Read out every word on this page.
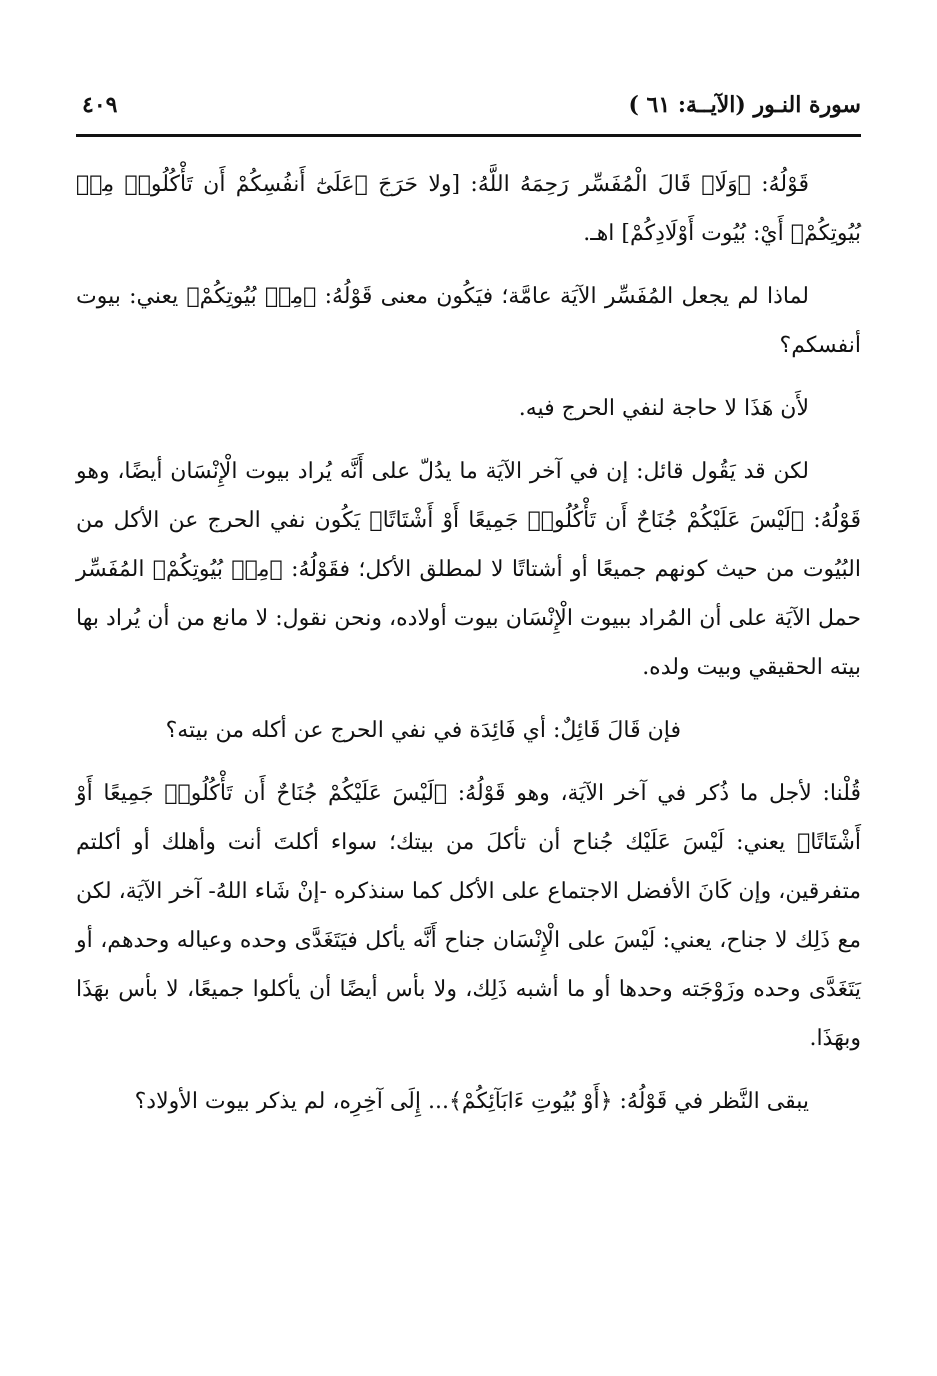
سورة النـور (الآيــة: ٦١ )
٤٠٩

قَوْلُهُ: ﴿وَلَا﴾ قَالَ الْمُفَسِّر رَحِمَهُ اللَّهُ: [ولا حَرَجَ ﴿عَلَىٰٓ أَنفُسِكُمْ أَن تَأْكُلُوا۟ مِنۢ بُيُوتِكُمْ﴾ أَيْ: بُيُوت أَوْلَادِكُمْ] اهـ.

لماذا لم يجعل المُفَسِّر الآيَة عامَّة؛ فيَكُون معنى قَوْلُهُ: ﴿مِنۢ بُيُوتِكُمْ﴾ يعني: بيوت أنفسكم؟

لأَن هَذَا لا حاجة لنفي الحرج فيه.

لكن قد يَقُول قائل: إن في آخر الآيَة ما يدُلّ على أَنَّه يُراد بيوت الْإِنْسَان أيضًا، وهو قَوْلُهُ: ﴿لَيْسَ عَلَيْكُمْ جُنَاحٌ أَن تَأْكُلُوا۟ جَمِيعًا أَوْ أَشْتَاتًا﴾ يَكُون نفي الحرج عن الأكل من البُيُوت من حيث كونهم جميعًا أو أشتاتًا لا لمطلق الأكل؛ فقَوْلُهُ: ﴿مِنۢ بُيُوتِكُمْ﴾ المُفَسِّر حمل الآيَة على أن المُراد ببيوت الْإِنْسَان بيوت أولاده، ونحن نقول: لا مانع من أن يُراد بها بيته الحقيقي وبيت ولده.

فإن قَالَ قَائِلٌ: أي فَائِدَة في نفي الحرج عن أكله من بيته؟

قُلْنا: لأجل ما ذُكر في آخر الآيَة، وهو قَوْلُهُ: ﴿لَيْسَ عَلَيْكُمْ جُنَاحٌ أَن تَأْكُلُوا۟ جَمِيعًا أَوْ أَشْتَاتًا﴾ يعني: لَيْسَ عَلَيْك جُناح أن تأكلَ من بيتك؛ سواء أكلتَ أنت وأهلك أو أكلتم متفرقين، وإن كَانَ الأفضل الاجتماع على الأكل كما سنذكره -إنْ شَاء اللهُ- آخر الآيَة، لكن مع ذَلِك لا جناح، يعني: لَيْسَ على الْإِنْسَان جناح أَنَّه يأكل فيَتَغَدَّى وحده وعياله وحدهم، أو يَتَغَدَّى وحده وزَوْجَته وحدها أو ما أشبه ذَلِك، ولا بأس أيضًا أن يأكلوا جميعًا، لا بأس بهَذَا وبهَذَا.

يبقى النَّظر في قَوْلُهُ: ﴿أَوْ بُيُوتِ ءَابَآئِكُمْ﴾... إِلَى آخِرِه، لم يذكر بيوت الأولاد؟
